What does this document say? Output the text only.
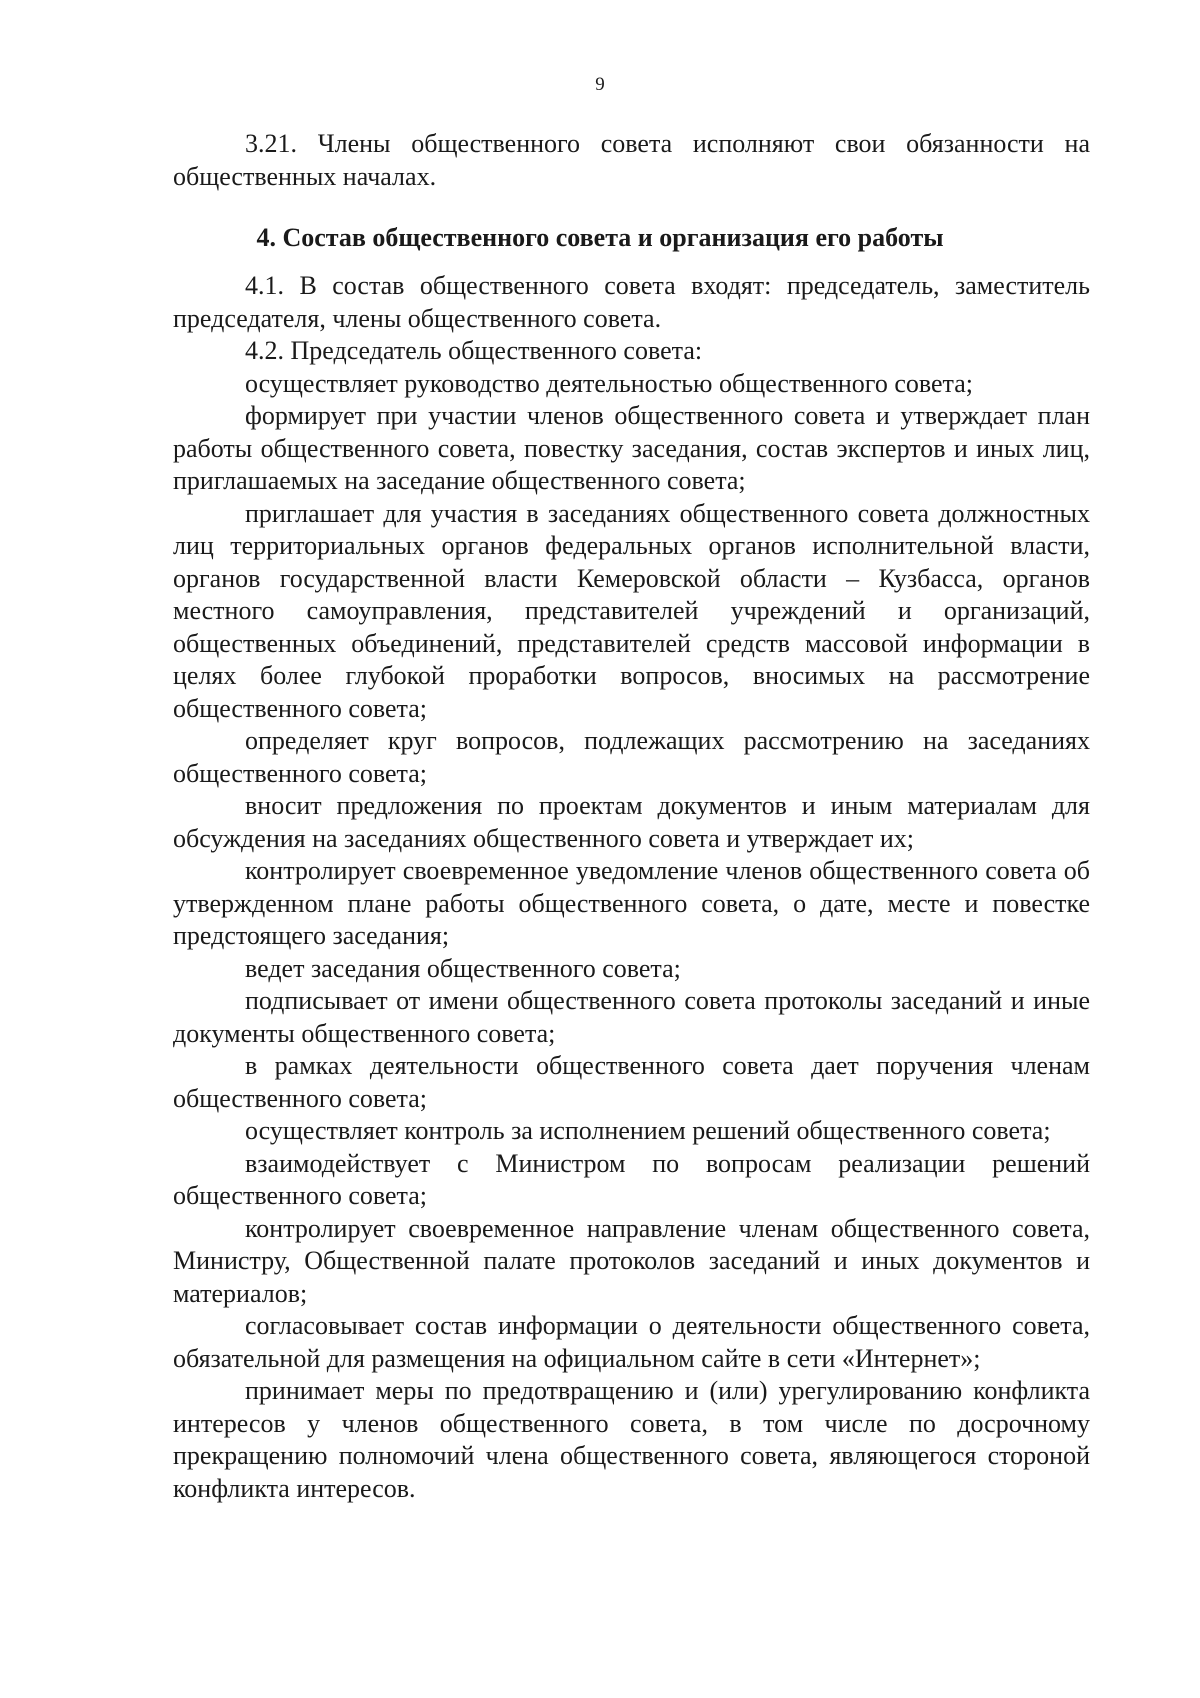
9

3.21. Члены общественного совета исполняют свои обязанности на общественных началах.

4. Состав общественного совета и организация его работы

4.1. В состав общественного совета входят: председатель, заместитель председателя, члены общественного совета.

4.2. Председатель общественного совета:

осуществляет руководство деятельностью общественного совета;

формирует при участии членов общественного совета и утверждает план работы общественного совета, повестку заседания, состав экспертов и иных лиц, приглашаемых на заседание общественного совета;

приглашает для участия в заседаниях общественного совета должностных лиц территориальных органов федеральных органов исполнительной власти, органов государственной власти Кемеровской области – Кузбасса, органов местного самоуправления, представителей учреждений и организаций, общественных объединений, представителей средств массовой информации в целях более глубокой проработки вопросов, вносимых на рассмотрение общественного совета;

определяет круг вопросов, подлежащих рассмотрению на заседаниях общественного совета;

вносит предложения по проектам документов и иным материалам для обсуждения на заседаниях общественного совета и утверждает их;

контролирует своевременное уведомление членов общественного совета об утвержденном плане работы общественного совета, о дате, месте и повестке предстоящего заседания;

ведет заседания общественного совета;

подписывает от имени общественного совета протоколы заседаний и иные документы общественного совета;

в рамках деятельности общественного совета дает поручения членам общественного совета;

осуществляет контроль за исполнением решений общественного совета;

взаимодействует с Министром по вопросам реализации решений общественного совета;

контролирует своевременное направление членам общественного совета, Министру, Общественной палате протоколов заседаний и иных документов и материалов;

согласовывает состав информации о деятельности общественного совета, обязательной для размещения на официальном сайте в сети «Интернет»;

принимает меры по предотвращению и (или) урегулированию конфликта интересов у членов общественного совета, в том числе по досрочному прекращению полномочий члена общественного совета, являющегося стороной конфликта интересов.
